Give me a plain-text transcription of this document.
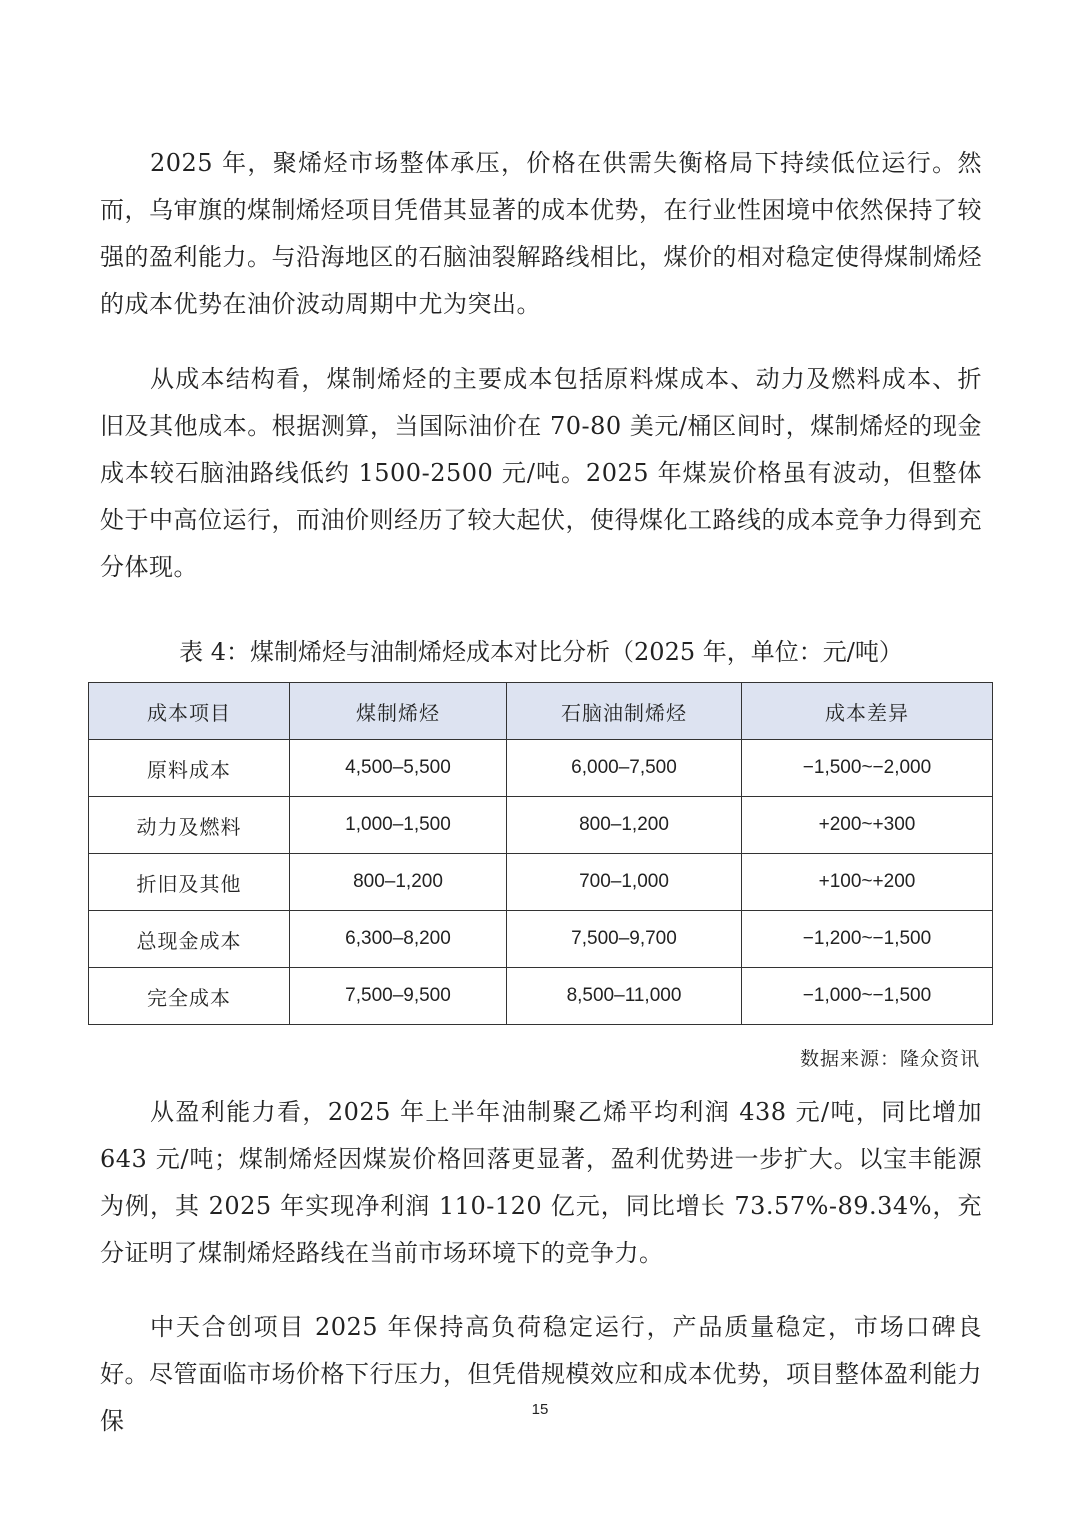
2025 年，聚烯烃市场整体承压，价格在供需失衡格局下持续低位运行。然而，乌审旗的煤制烯烃项目凭借其显著的成本优势，在行业性困境中依然保持了较强的盈利能力。与沿海地区的石脑油裂解路线相比，煤价的相对稳定使得煤制烯烃的成本优势在油价波动周期中尤为突出。

从成本结构看，煤制烯烃的主要成本包括原料煤成本、动力及燃料成本、折旧及其他成本。根据测算，当国际油价在 70-80 美元/桶区间时，煤制烯烃的现金成本较石脑油路线低约 1500-2500 元/吨。2025 年煤炭价格虽有波动，但整体处于中高位运行，而油价则经历了较大起伏，使得煤化工路线的成本竞争力得到充分体现。

表 4：煤制烯烃与油制烯烃成本对比分析（2025 年，单位：元/吨）

成本项目	煤制烯烃	石脑油制烯烃	成本差异
原料成本	4,500–5,500	6,000–7,500	−1,500~−2,000
动力及燃料	1,000–1,500	800–1,200	+200~+300
折旧及其他	800–1,200	700–1,000	+100~+200
总现金成本	6,300–8,200	7,500–9,700	−1,200~−1,500
完全成本	7,500–9,500	8,500–11,000	−1,000~−1,500

数据来源：隆众资讯

从盈利能力看，2025 年上半年油制聚乙烯平均利润 438 元/吨，同比增加 643 元/吨；煤制烯烃因煤炭价格回落更显著，盈利优势进一步扩大。以宝丰能源为例，其 2025 年实现净利润 110-120 亿元，同比增长 73.57%-89.34%，充分证明了煤制烯烃路线在当前市场环境下的竞争力。

中天合创项目 2025 年保持高负荷稳定运行，产品质量稳定，市场口碑良好。尽管面临市场价格下行压力，但凭借规模效应和成本优势，项目整体盈利能力保	15
